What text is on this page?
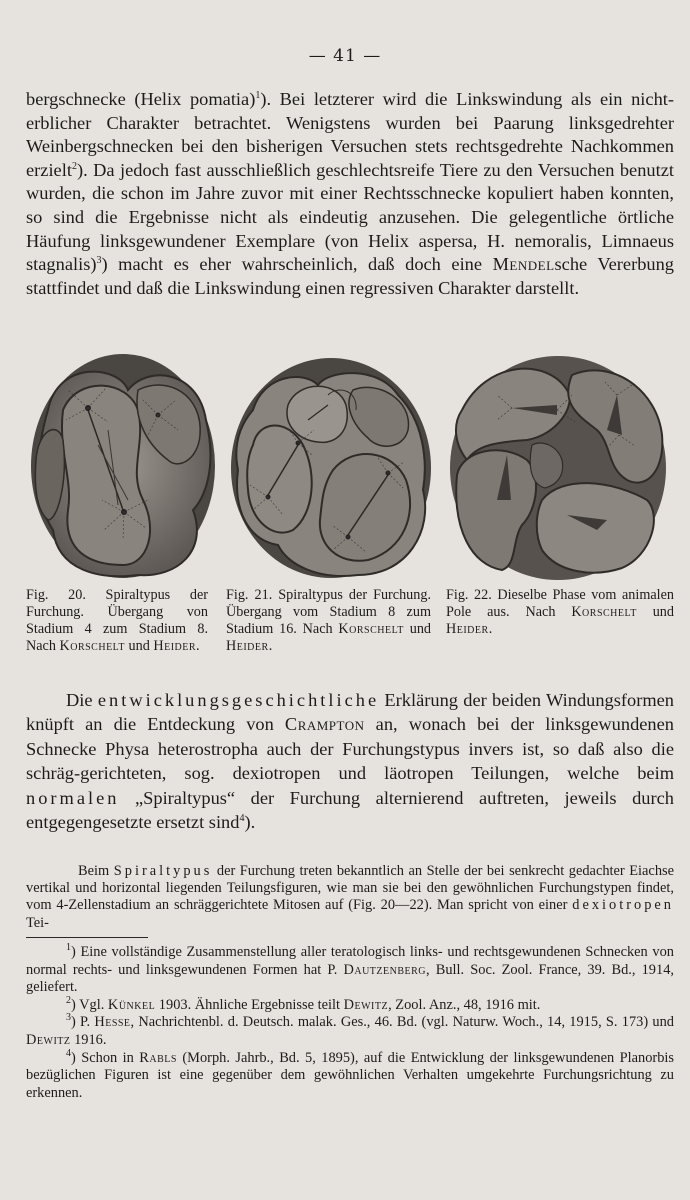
— 41 —

bergschnecke (Helix pomatia)$^1$). Bei letzterer wird die Linkswindung als ein nicht-erblicher Charakter betrachtet. Wenigstens wurden bei Paarung linksgedrehter Weinbergschnecken bei den bisherigen Versuchen stets rechtsgedrehte Nachkommen erzielt$^2$). Da jedoch fast ausschließlich geschlechtsreife Tiere zu den Versuchen benutzt wurden, die schon im Jahre zuvor mit einer Rechtsschnecke kopuliert haben konnten, so sind die Ergebnisse nicht als eindeutig anzusehen. Die gelegentliche örtliche Häufung linksgewundener Exemplare (von Helix aspersa, H. nemoralis, Limnaeus stagnalis)$^3$) macht es eher wahrscheinlich, daß doch eine Mendelsche Vererbung stattfindet und daß die Linkswindung einen regressiven Charakter darstellt.

Fig. 20. Spiraltypus der Furchung. Übergang von Stadium 4 zum Stadium 8. Nach Korschelt und Heider.
Fig. 21. Spiraltypus der Furchung. Übergang vom Stadium 8 zum Stadium 16. Nach Korschelt und Heider.
Fig. 22. Dieselbe Phase vom animalen Pole aus. Nach Korschelt und Heider.

Die entwicklungsgeschichtliche Erklärung der beiden Windungsformen knüpft an die Entdeckung von Crampton an, wonach bei der linksgewundenen Schnecke Physa heterostropha auch der Furchungstypus invers ist, so daß also die schräg-gerichteten, sog. dexiotropen und läotropen Teilungen, welche beim normalen „Spiraltypus“ der Furchung alternierend auftreten, jeweils durch entgegengesetzte ersetzt sind$^4$).

Beim Spiraltypus der Furchung treten bekanntlich an Stelle der bei senkrecht gedachter Eiachse vertikal und horizontal liegenden Teilungsfiguren, wie man sie bei den gewöhnlichen Furchungstypen findet, vom 4-Zellenstadium an schräggerichtete Mitosen auf (Fig. 20—22). Man spricht von einer dexiotropen Tei-

$^1$) Eine vollständige Zusammenstellung aller teratologisch links- und rechtsgewundenen Schnecken von normal rechts- und linksgewundenen Formen hat P. Dautzenberg, Bull. Soc. Zool. France, 39. Bd., 1914, geliefert.

$^2$) Vgl. Künkel 1903. Ähnliche Ergebnisse teilt Dewitz, Zool. Anz., 48, 1916 mit.

$^3$) P. Hesse, Nachrichtenbl. d. Deutsch. malak. Ges., 46. Bd. (vgl. Naturw. Woch., 14, 1915, S. 173) und Dewitz 1916.

$^4$) Schon in Rabls (Morph. Jahrb., Bd. 5, 1895), auf die Entwicklung der linksgewundenen Planorbis bezüglichen Figuren ist eine gegenüber dem gewöhnlichen Verhalten umgekehrte Furchungsrichtung zu erkennen.
